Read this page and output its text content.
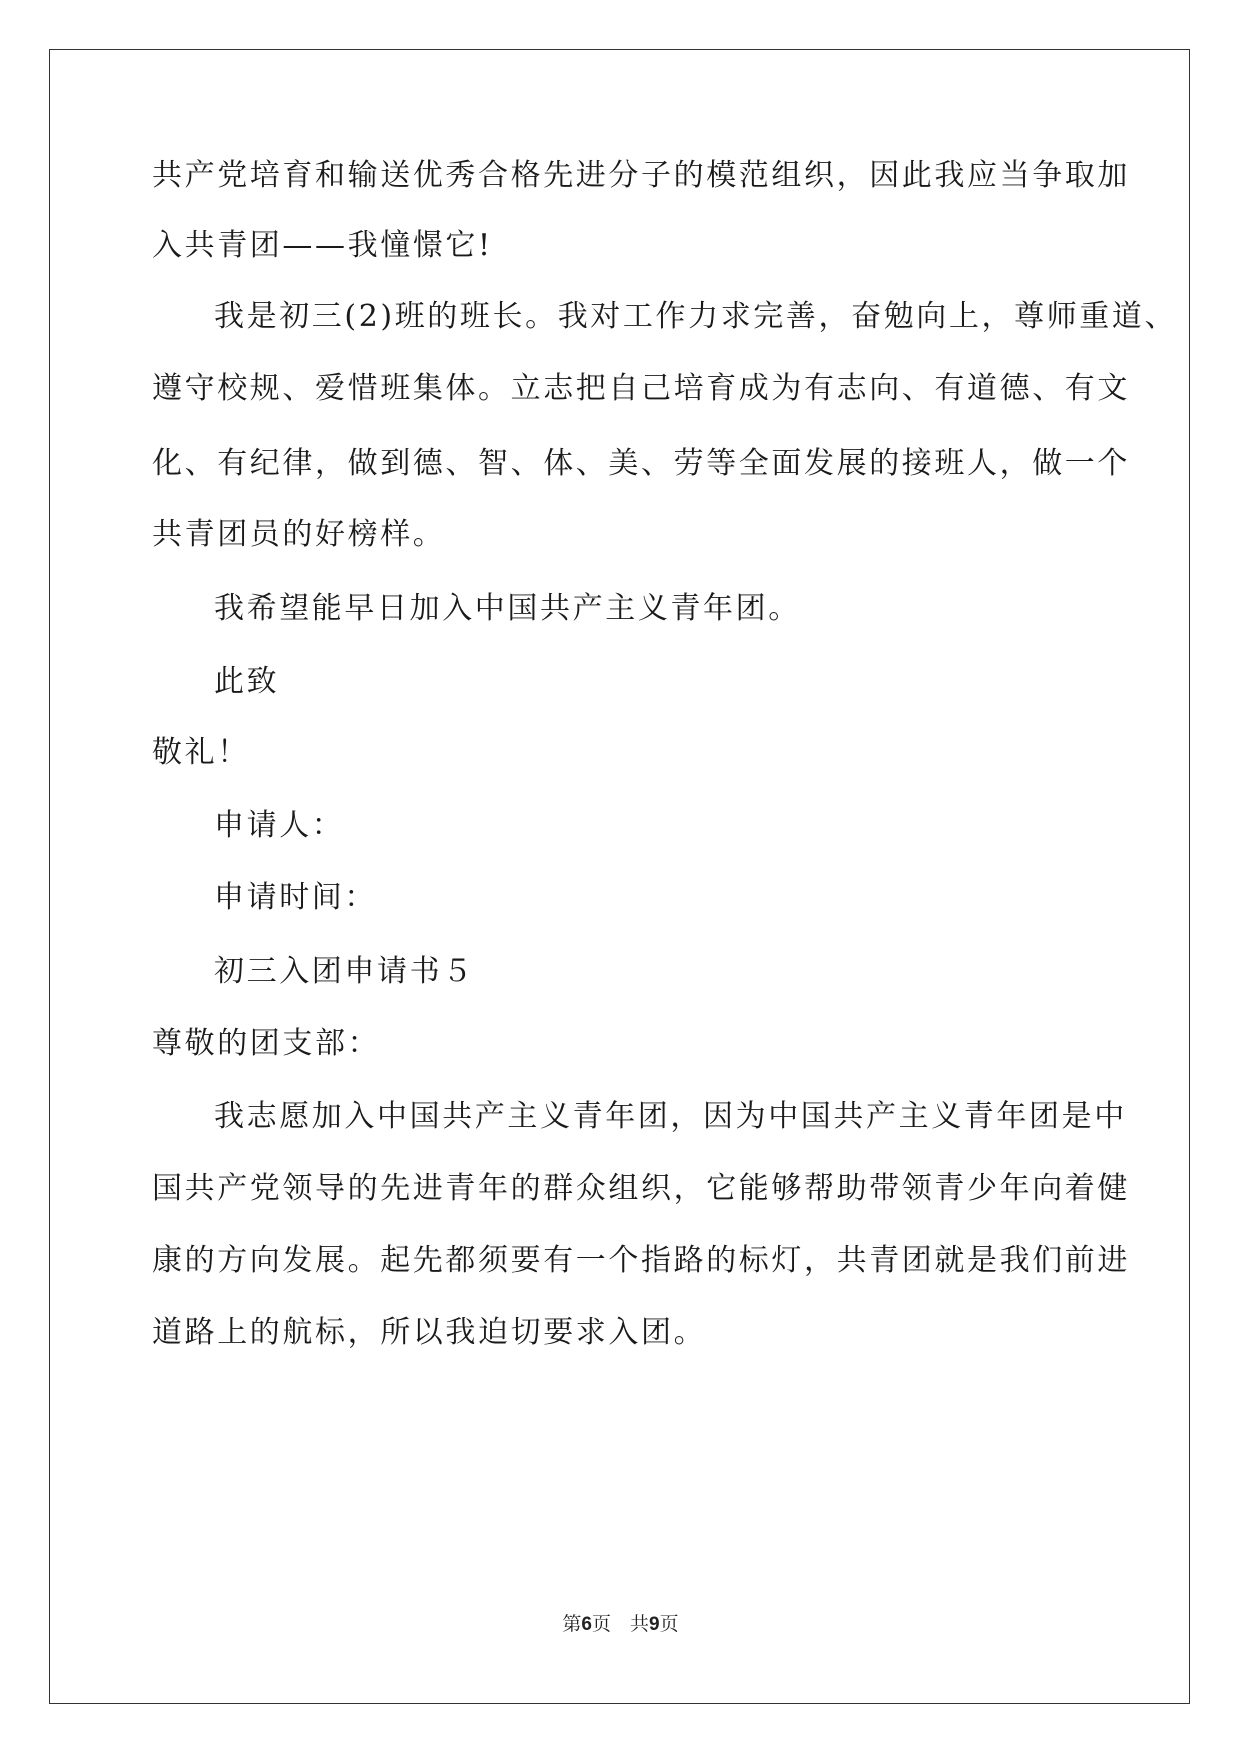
共产党培育和输送优秀合格先进分子的模范组织，因此我应当争取加
入共青团——我憧憬它!
我是初三(2)班的班长。我对工作力求完善，奋勉向上，尊师重道、
遵守校规、爱惜班集体。立志把自己培育成为有志向、有道德、有文
化、有纪律，做到德、智、体、美、劳等全面发展的接班人，做一个
共青团员的好榜样。
我希望能早日加入中国共产主义青年团。
此致
敬礼！
申请人：
申请时间：
初三入团申请书５
尊敬的团支部：
我志愿加入中国共产主义青年团，因为中国共产主义青年团是中
国共产党领导的先进青年的群众组织，它能够帮助带领青少年向着健
康的方向发展。起先都须要有一个指路的标灯，共青团就是我们前进
道路上的航标，所以我迫切要求入团。
第6页　共9页
